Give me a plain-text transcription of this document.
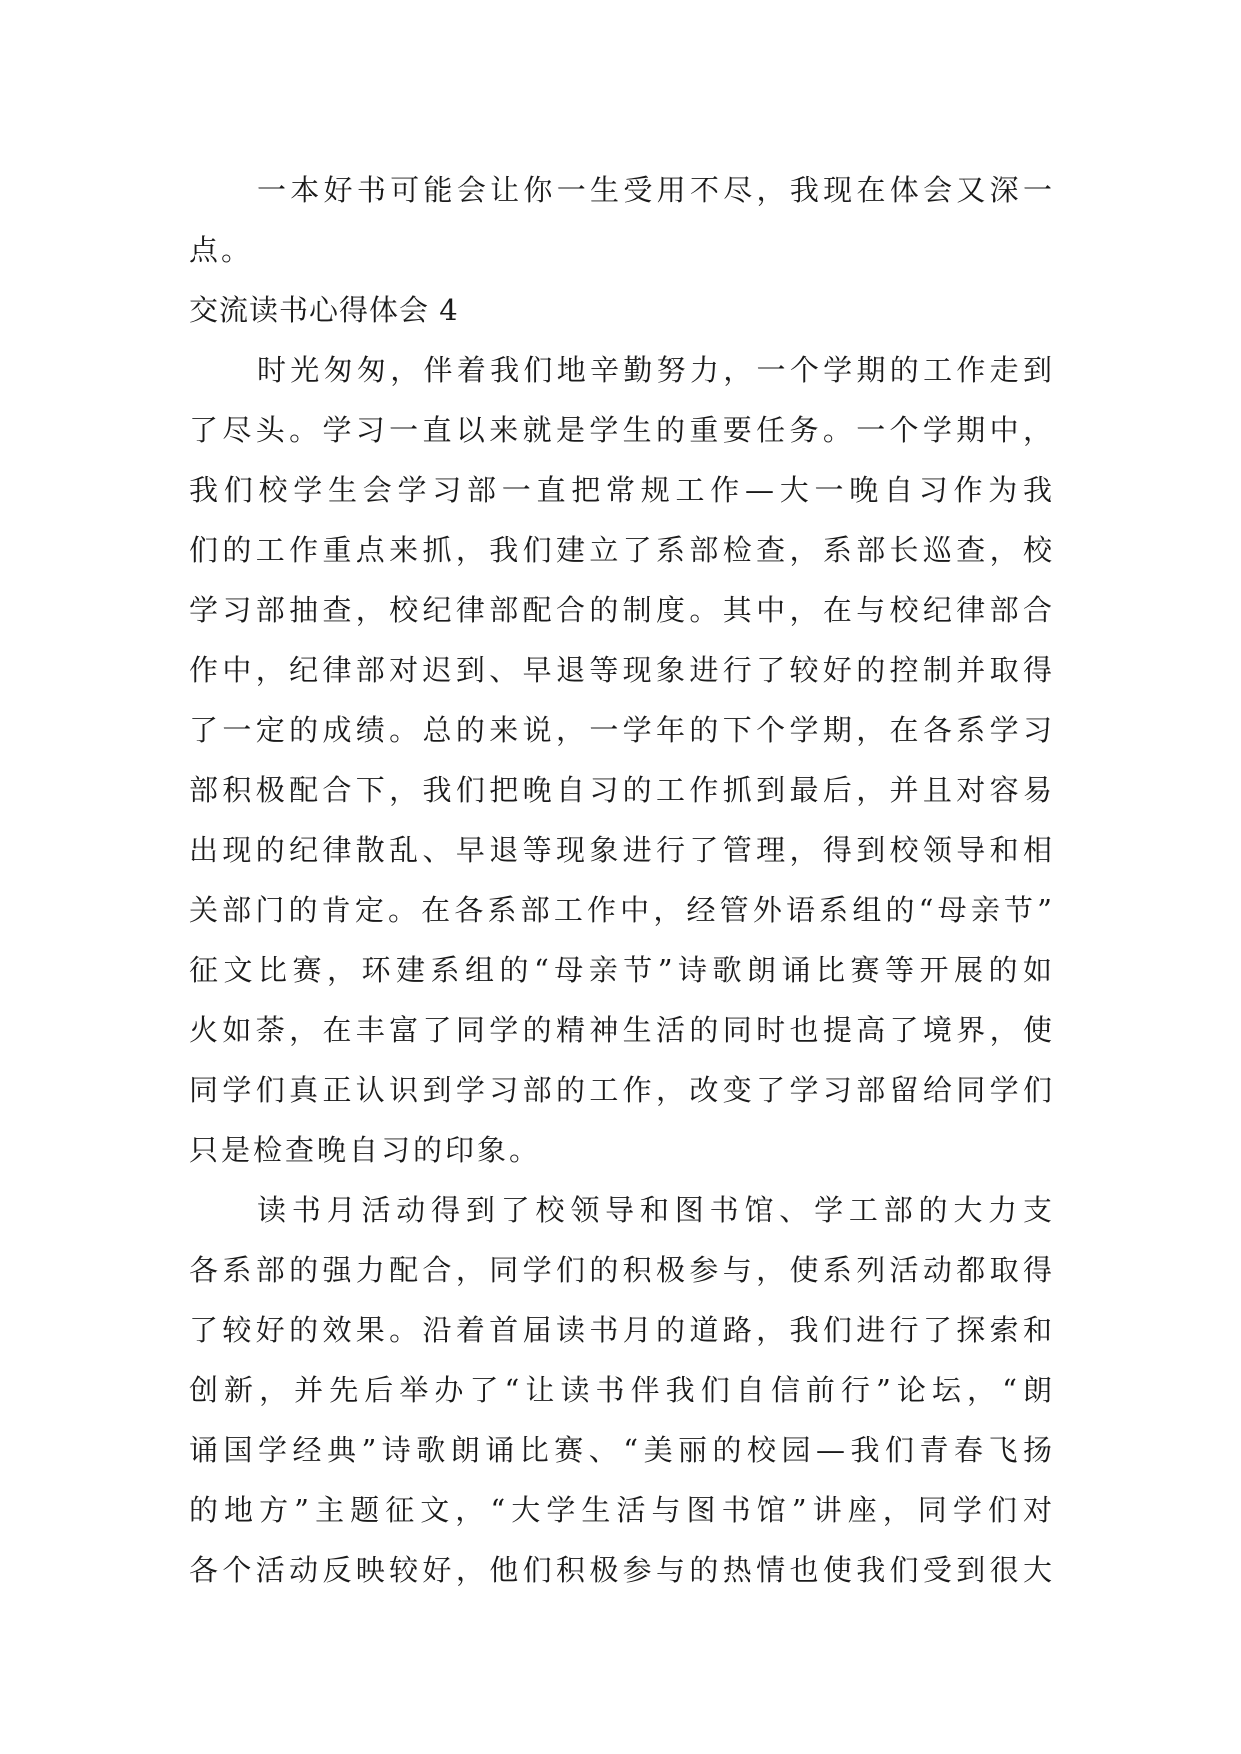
一本好书可能会让你一生受用不尽，我现在体会又深一
点。
交流读书心得体会 4
时光匆匆，伴着我们地辛勤努力，一个学期的工作走到
了尽头。学习一直以来就是学生的重要任务。一个学期中，
我们校学生会学习部一直把常规工作—大一晚自习作为我
们的工作重点来抓，我们建立了系部检查，系部长巡查，校
学习部抽查，校纪律部配合的制度。其中，在与校纪律部合
作中，纪律部对迟到、早退等现象进行了较好的控制并取得
了一定的成绩。总的来说，一学年的下个学期，在各系学习
部积极配合下，我们把晚自习的工作抓到最后，并且对容易
出现的纪律散乱、早退等现象进行了管理，得到校领导和相
关部门的肯定。在各系部工作中，经管外语系组的“母亲节”
征文比赛，环建系组的“母亲节”诗歌朗诵比赛等开展的如
火如荼，在丰富了同学的精神生活的同时也提高了境界，使
同学们真正认识到学习部的工作，改变了学习部留给同学们
只是检查晚自习的印象。
读书月活动得到了校领导和图书馆、学工部的大力支
各系部的强力配合，同学们的积极参与，使系列活动都取得
了较好的效果。沿着首届读书月的道路，我们进行了探索和
创新，并先后举办了“让读书伴我们自信前行”论坛，“朗
诵国学经典”诗歌朗诵比赛、“美丽的校园—我们青春飞扬
的地方”主题征文，“大学生活与图书馆”讲座，同学们对
各个活动反映较好，他们积极参与的热情也使我们受到很大
